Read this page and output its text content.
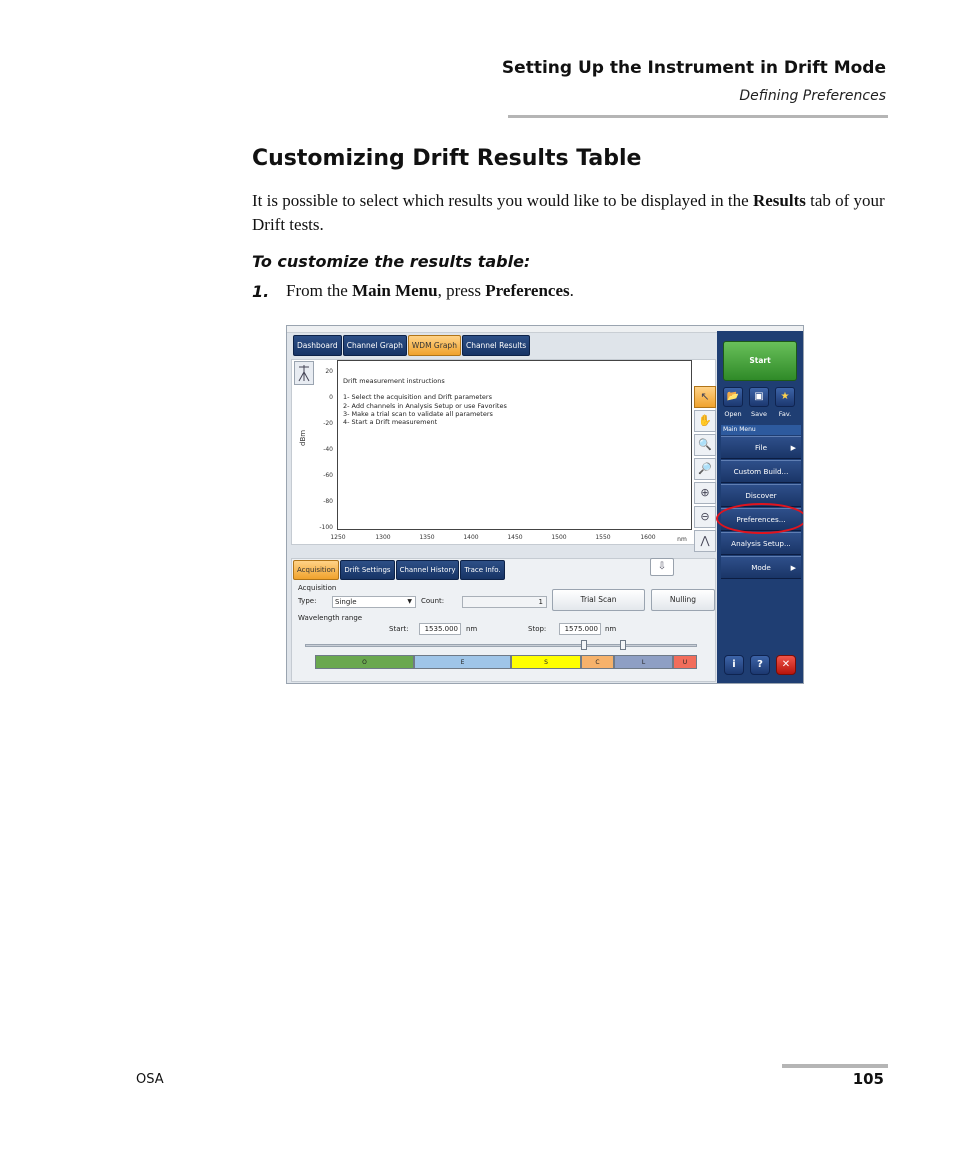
Setting Up the Instrument in Drift Mode
Defining Preferences
Customizing Drift Results Table
It is possible to select which results you would like to be displayed in the Results tab of your Drift tests.
To customize the results table:
1. From the Main Menu, press Preferences.
Dashboard	Channel Graph	WDM Graph	Channel Results
dBm
20
0
-20
-40
-60
-80
-100
Drift measurement instructions
1- Select the acquisition and Drift parameters
2- Add channels in Analysis Setup or use Favorites
3- Make a trial scan to validate all parameters
4- Start a Drift measurement
1250	1300	1350	1400	1450	1500	1550	1600	nm
↖
✋
🔍
🔎
⊕
⊖
⋀
Start
📂	▣	★
Open	Save	Fav.
Main Menu
File	▶
Custom Build...
Discover
Preferences...
Analysis Setup...
Mode	▶
i	?	✕
Acquisition	Drift Settings	Channel History	Trace Info.	⇩
Acquisition
Type:	Single	▼ Count:	1	Trial Scan	Nulling
Wavelength range
Start:	1535.000	nm	Stop:	1575.000	nm
O	E	S	C	L	U
OSA	105
